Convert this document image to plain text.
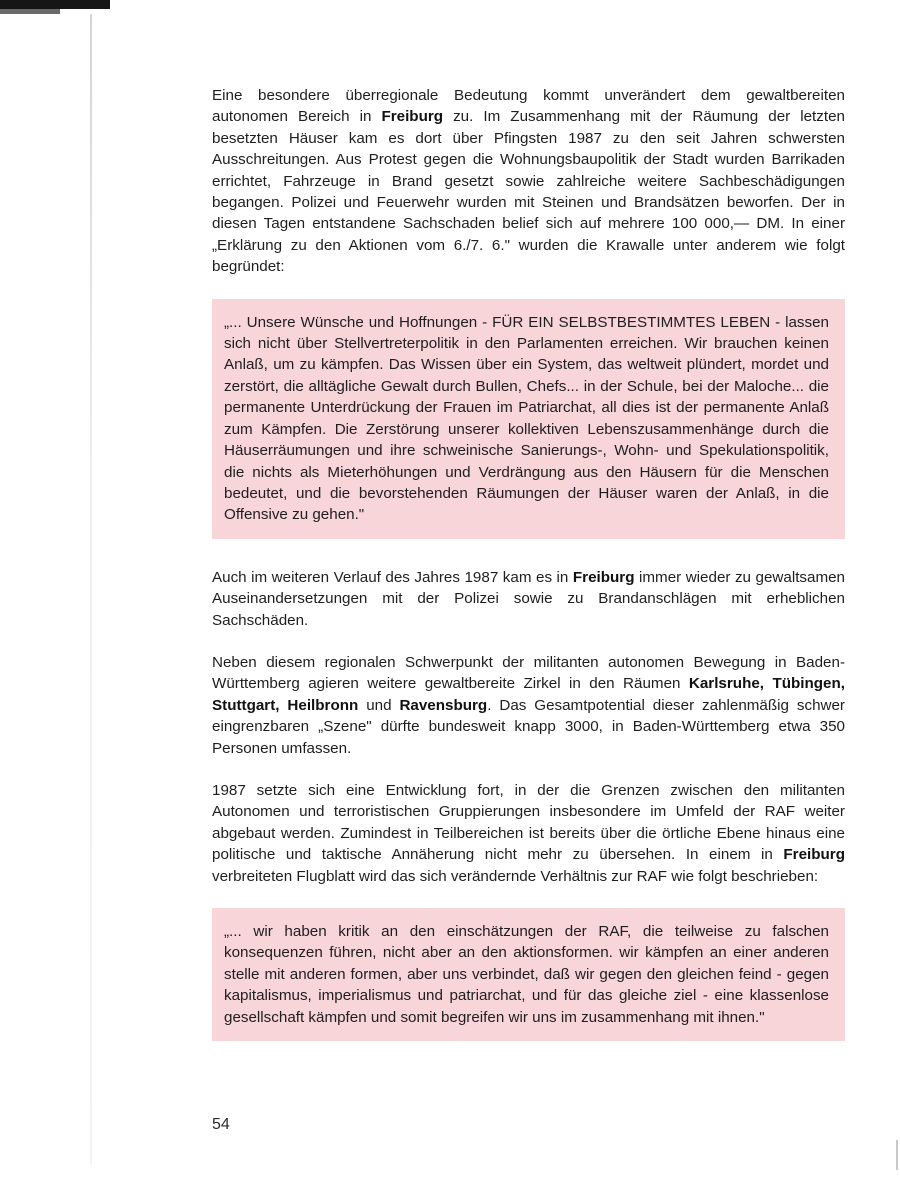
Eine besondere überregionale Bedeutung kommt unverändert dem gewaltbereiten autonomen Bereich in Freiburg zu. Im Zusammenhang mit der Räumung der letzten besetzten Häuser kam es dort über Pfingsten 1987 zu den seit Jahren schwersten Ausschreitungen. Aus Protest gegen die Wohnungsbaupolitik der Stadt wurden Barrikaden errichtet, Fahrzeuge in Brand gesetzt sowie zahlreiche weitere Sachbeschädigungen begangen. Polizei und Feuerwehr wurden mit Steinen und Brandsätzen beworfen. Der in diesen Tagen entstandene Sachschaden belief sich auf mehrere 100 000,— DM. In einer „Erklärung zu den Aktionen vom 6./7. 6." wurden die Krawalle unter anderem wie folgt begründet:

„... Unsere Wünsche und Hoffnungen - FÜR EIN SELBSTBESTIMMTES LEBEN - lassen sich nicht über Stellvertreterpolitik in den Parlamenten erreichen. Wir brauchen keinen Anlaß, um zu kämpfen. Das Wissen über ein System, das weltweit plündert, mordet und zerstört, die alltägliche Gewalt durch Bullen, Chefs... in der Schule, bei der Maloche... die permanente Unterdrückung der Frauen im Patriarchat, all dies ist der permanente Anlaß zum Kämpfen. Die Zerstörung unserer kollektiven Lebenszusammenhänge durch die Häuserräumungen und ihre schweinische Sanierungs-, Wohn- und Spekulationspolitik, die nichts als Mieterhöhungen und Verdrängung aus den Häusern für die Menschen bedeutet, und die bevorstehenden Räumungen der Häuser waren der Anlaß, in die Offensive zu gehen."

Auch im weiteren Verlauf des Jahres 1987 kam es in Freiburg immer wieder zu gewaltsamen Auseinandersetzungen mit der Polizei sowie zu Brandanschlägen mit erheblichen Sachschäden.

Neben diesem regionalen Schwerpunkt der militanten autonomen Bewegung in Baden-Württemberg agieren weitere gewaltbereite Zirkel in den Räumen Karlsruhe, Tübingen, Stuttgart, Heilbronn und Ravensburg. Das Gesamtpotential dieser zahlenmäßig schwer eingrenzbaren „Szene" dürfte bundesweit knapp 3000, in Baden-Württemberg etwa 350 Personen umfassen.

1987 setzte sich eine Entwicklung fort, in der die Grenzen zwischen den militanten Autonomen und terroristischen Gruppierungen insbesondere im Umfeld der RAF weiter abgebaut werden. Zumindest in Teilbereichen ist bereits über die örtliche Ebene hinaus eine politische und taktische Annäherung nicht mehr zu übersehen. In einem in Freiburg verbreiteten Flugblatt wird das sich verändernde Verhältnis zur RAF wie folgt beschrieben:

„... wir haben kritik an den einschätzungen der RAF, die teilweise zu falschen konsequenzen führen, nicht aber an den aktionsformen. wir kämpfen an einer anderen stelle mit anderen formen, aber uns verbindet, daß wir gegen den gleichen feind - gegen kapitalismus, imperialismus und patriarchat, und für das gleiche ziel - eine klassenlose gesellschaft kämpfen und somit begreifen wir uns im zusammenhang mit ihnen."

54
